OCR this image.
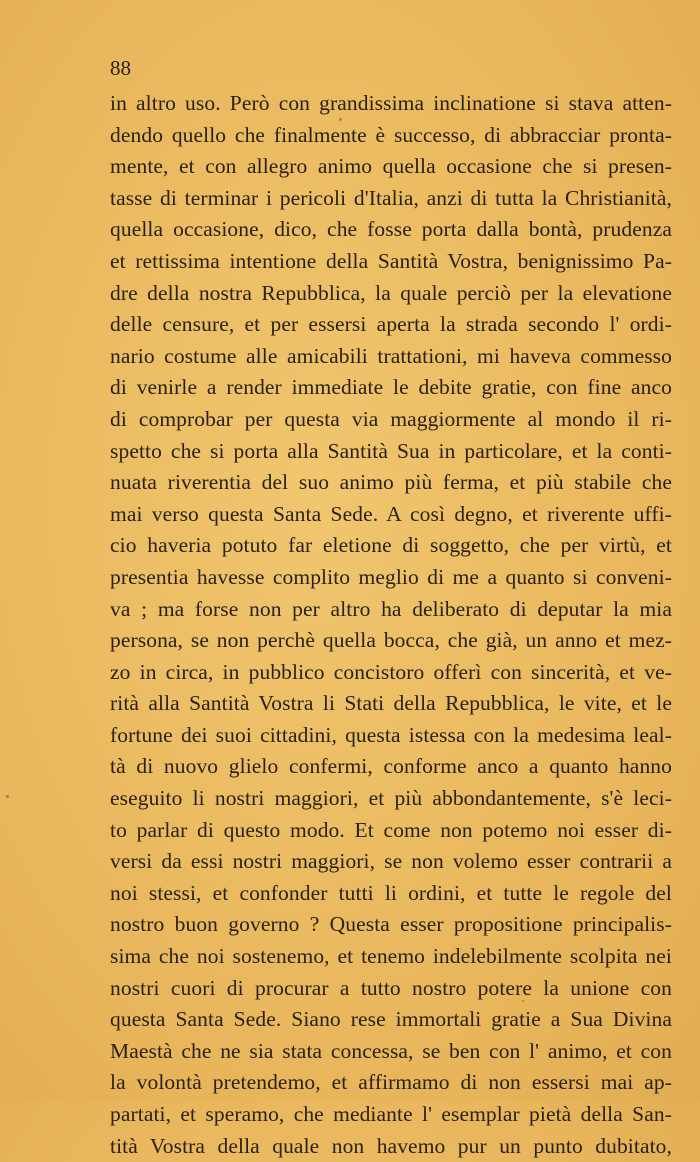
88
in altro uso. Però con grandissima inclinatione si stava atten-
dendo quello che finalmente è successo, di abbracciar pronta-
mente, et con allegro animo quella occasione che si presen-
tasse di terminar i pericoli d'Italia, anzi di tutta la Christianità,
quella occasione, dico, che fosse porta dalla bontà, prudenza
et rettissima intentione della Santità Vostra, benignissimo Pa-
dre della nostra Repubblica, la quale perciò per la elevatione
delle censure, et per essersi aperta la strada secondo l' ordi-
nario costume alle amicabili trattationi, mi haveva commesso
di venirle a render immediate le debite gratie, con fine anco
di comprobar per questa via maggiormente al mondo il ri-
spetto che si porta alla Santità Sua in particolare, et la conti-
nuata riverentia del suo animo più ferma, et più stabile che
mai verso questa Santa Sede. A così degno, et riverente uffi-
cio haveria potuto far eletione di soggetto, che per virtù, et
presentia havesse complito meglio di me a quanto si conveni-
va ; ma forse non per altro ha deliberato di deputar la mia
persona, se non perchè quella bocca, che già, un anno et mez-
zo in circa, in pubblico concistoro offerì con sincerità, et ve-
rità alla Santità Vostra li Stati della Repubblica, le vite, et le
fortune dei suoi cittadini, questa istessa con la medesima leal-
tà di nuovo glielo confermi, conforme anco a quanto hanno
eseguito li nostri maggiori, et più abbondantemente, s'è leci-
to parlar di questo modo. Et come non potemo noi esser di-
versi da essi nostri maggiori, se non volemo esser contrarii a
noi stessi, et confonder tutti li ordini, et tutte le regole del
nostro buon governo ? Questa esser propositione principalis-
sima che noi sostenemo, et tenemo indelebilmente scolpita nei
nostri cuori di procurar a tutto nostro potere la unione con
questa Santa Sede. Siano rese immortali gratie a Sua Divina
Maestà che ne sia stata concessa, se ben con l' animo, et con
la volontà pretendemo, et affirmamo di non essersi mai ap-
partati, et speramo, che mediante l' esemplar pietà della San-
tità Vostra della quale non havemo pur un punto dubitato,
